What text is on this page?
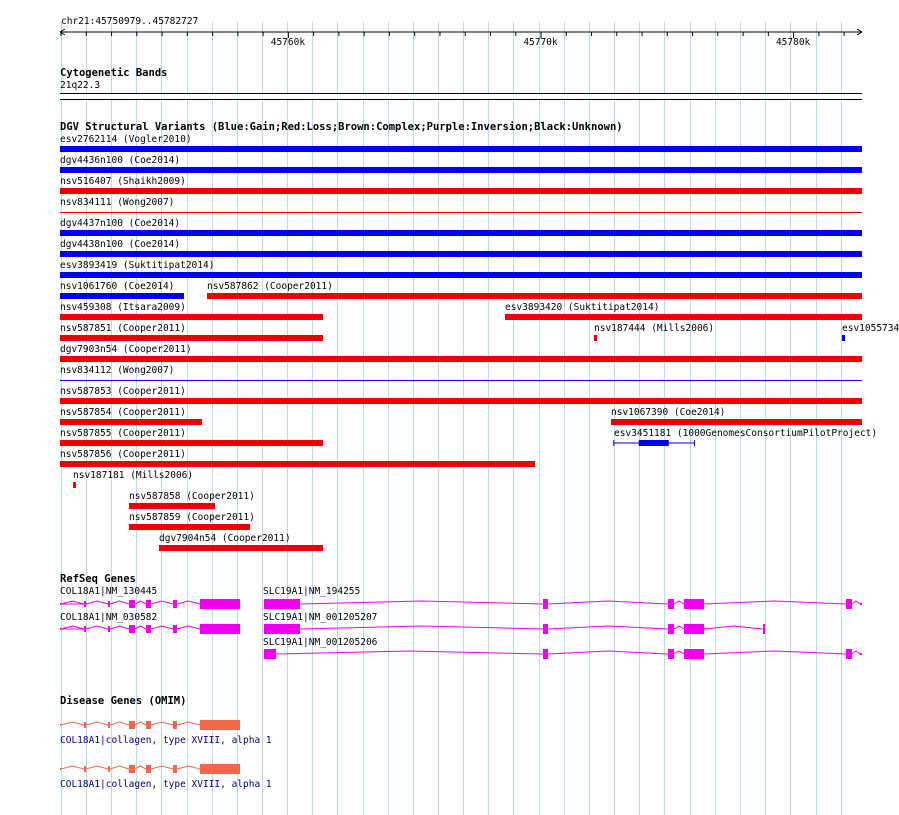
chr21:45750979..45782727
45760k	45770k	45780k
Cytogenetic Bands
21q22.3
DGV Structural Variants (Blue:Gain;Red:Loss;Brown:Complex;Purple:Inversion;Black:Unknown)
esv2762114 (Vogler2010)
dgv4436n100 (Coe2014)
nsv516407 (Shaikh2009)
nsv834111 (Wong2007)
dgv4437n100 (Coe2014)
dgv4438n100 (Coe2014)
esv3893419 (Suktitipat2014)
nsv1061760 (Coe2014)	nsv587862 (Cooper2011)
nsv459308 (Itsara2009)	esv3893420 (Suktitipat2014)
nsv587851 (Cooper2011)	nsv187444 (Mills2006)	esv1055734
dgv7903n54 (Cooper2011)
nsv834112 (Wong2007)
nsv587853 (Cooper2011)
nsv587854 (Cooper2011)	nsv1067390 (Coe2014)
nsv587855 (Cooper2011)	esv3451181 (1000GenomesConsortiumPilotProject)
nsv587856 (Cooper2011)
nsv187181 (Mills2006)
nsv587858 (Cooper2011)
nsv587859 (Cooper2011)
dgv7904n54 (Cooper2011)
RefSeq Genes
COL18A1|NM_130445	SLC19A1|NM_194255
COL18A1|NM_030582	SLC19A1|NM_001205207
SLC19A1|NM_001205206
Disease Genes (OMIM)
COL18A1|collagen, type XVIII, alpha 1
COL18A1|collagen, type XVIII, alpha 1
